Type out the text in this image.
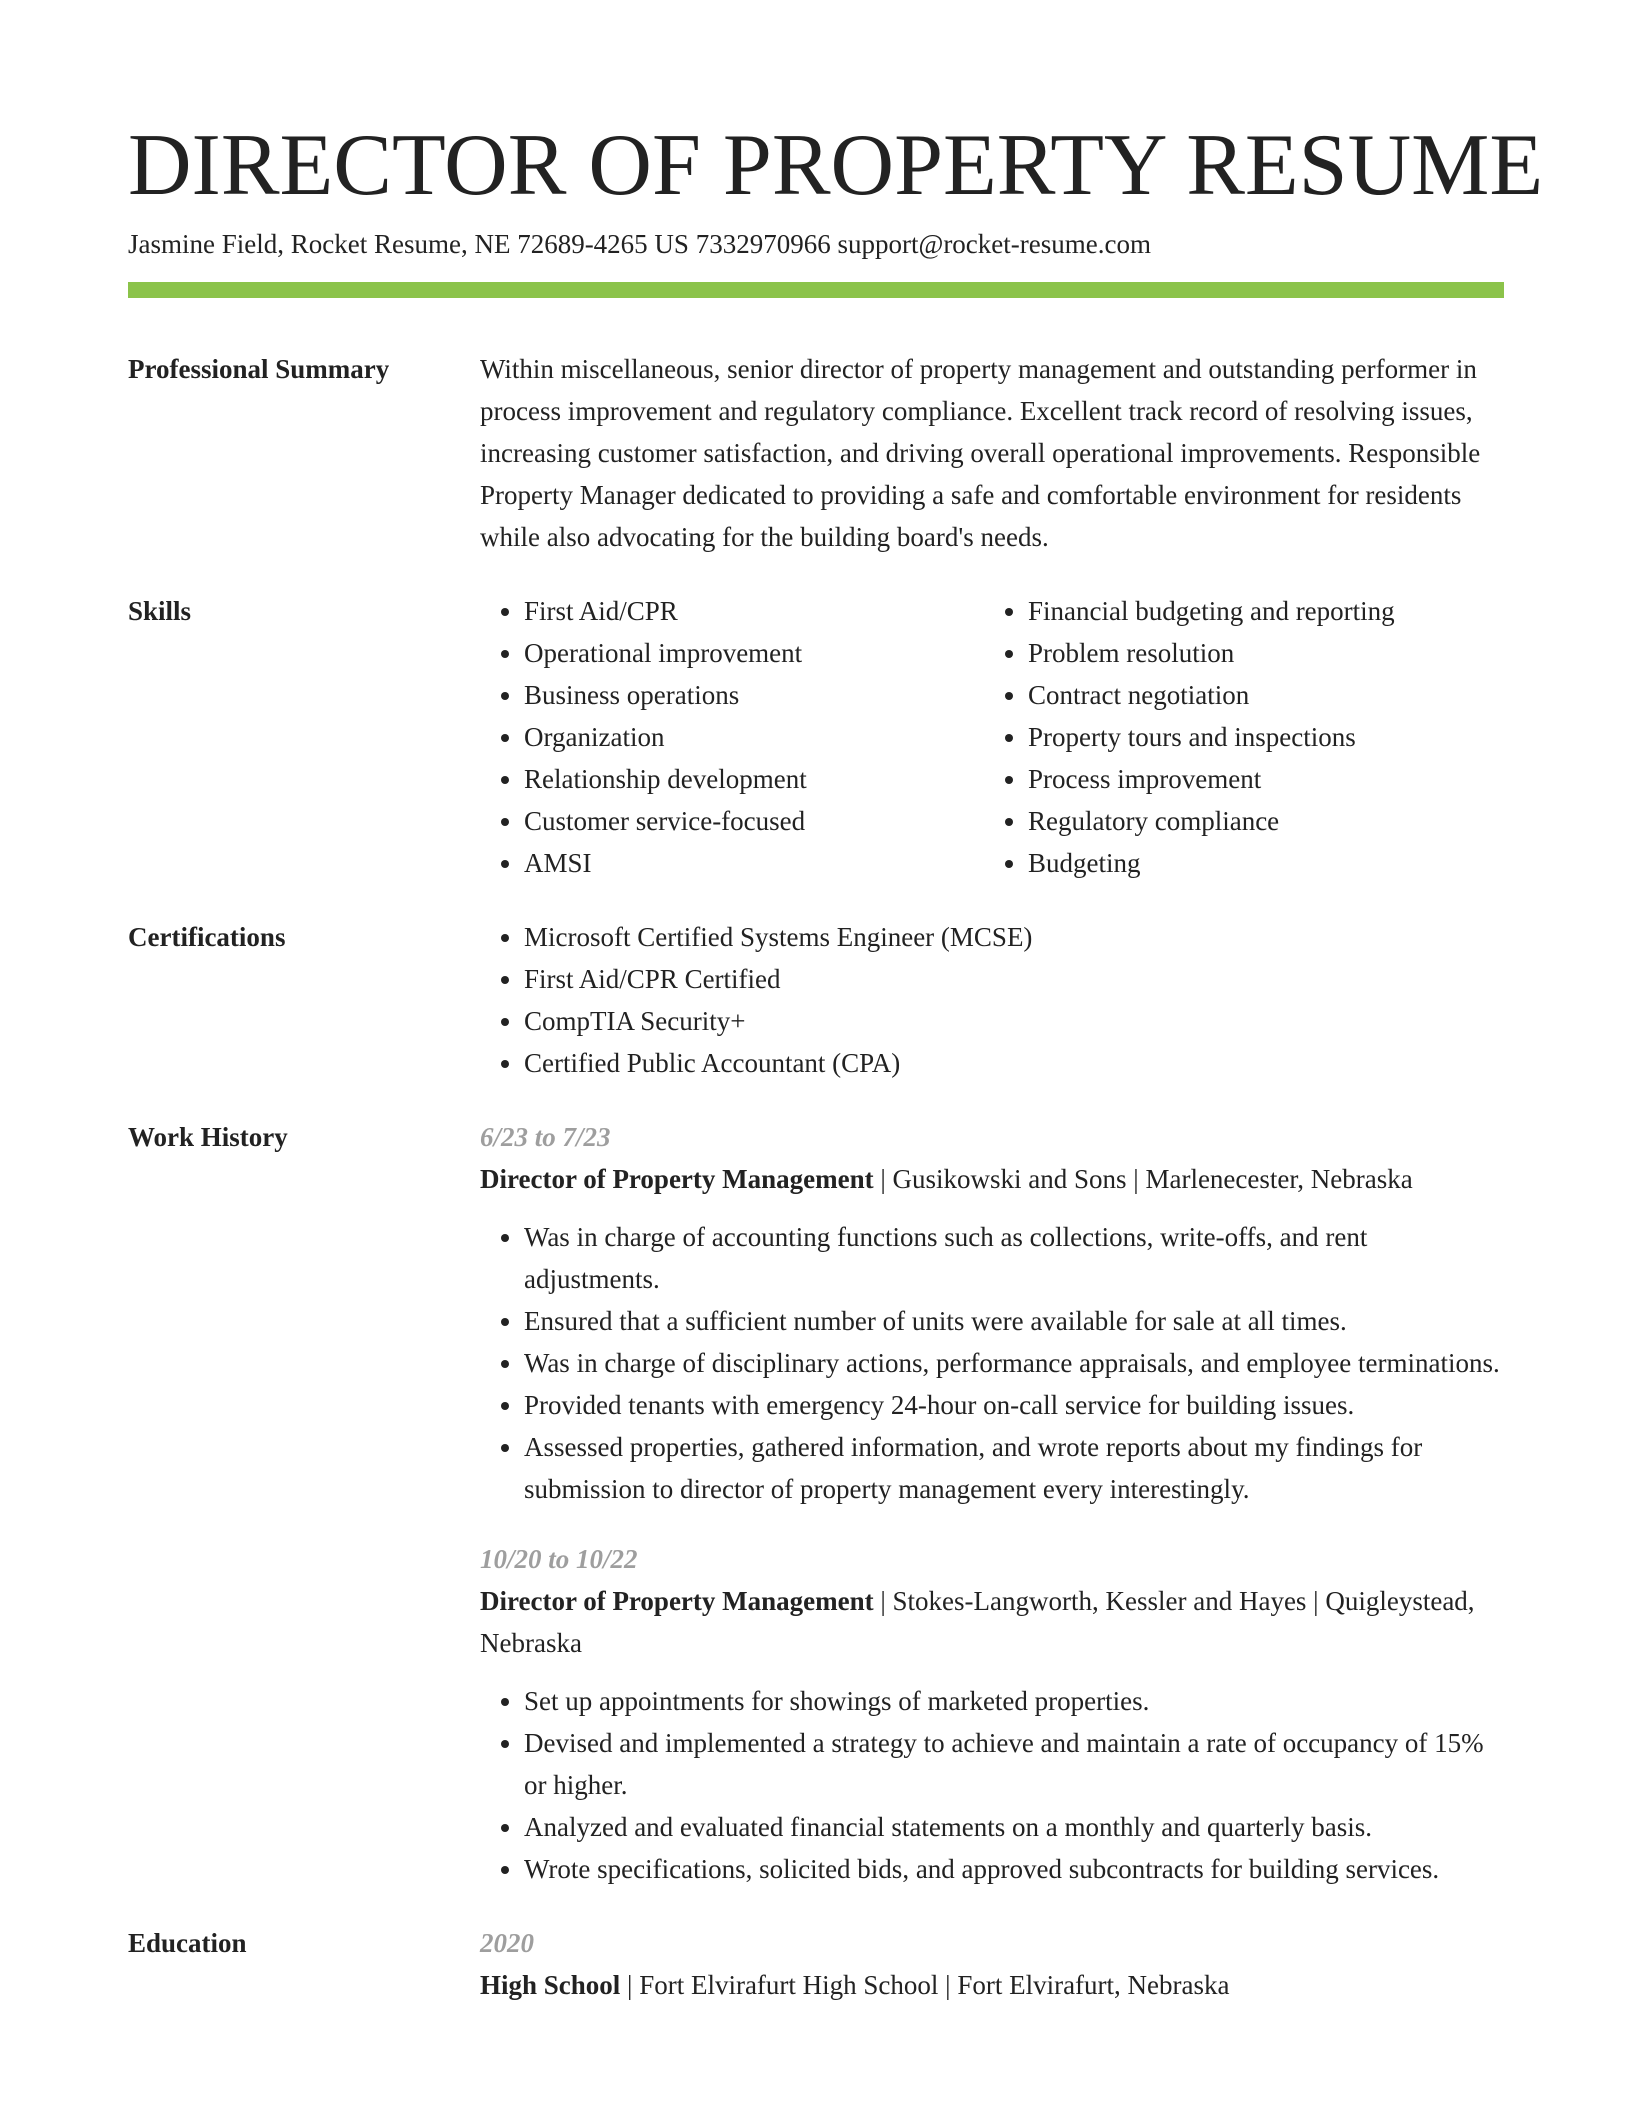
DIRECTOR OF PROPERTY RESUME
Jasmine Field, Rocket Resume, NE 72689-4265 US 7332970966 support@rocket-resume.com
Professional Summary	Within miscellaneous, senior director of property management and outstanding performer in process improvement and regulatory compliance. Excellent track record of resolving issues, increasing customer satisfaction, and driving overall operational improvements. Responsible Property Manager dedicated to providing a safe and comfortable environment for residents while also advocating for the building board's needs.
Skills	• First Aid/CPR
• Operational improvement
• Business operations
• Organization
• Relationship development
• Customer service-focused
• AMSI
• Financial budgeting and reporting
• Problem resolution
• Contract negotiation
• Property tours and inspections
• Process improvement
• Regulatory compliance
• Budgeting
Certifications	• Microsoft Certified Systems Engineer (MCSE)
• First Aid/CPR Certified
• CompTIA Security+
• Certified Public Accountant (CPA)
Work History	6/23 to 7/23
Director of Property Management | Gusikowski and Sons | Marlenecester, Nebraska
• Was in charge of accounting functions such as collections, write-offs, and rent adjustments.
• Ensured that a sufficient number of units were available for sale at all times.
• Was in charge of disciplinary actions, performance appraisals, and employee terminations.
• Provided tenants with emergency 24-hour on-call service for building issues.
• Assessed properties, gathered information, and wrote reports about my findings for submission to director of property management every interestingly.
10/20 to 10/22
Director of Property Management | Stokes-Langworth, Kessler and Hayes | Quigleystead, Nebraska
• Set up appointments for showings of marketed properties.
• Devised and implemented a strategy to achieve and maintain a rate of occupancy of 15% or higher.
• Analyzed and evaluated financial statements on a monthly and quarterly basis.
• Wrote specifications, solicited bids, and approved subcontracts for building services.
Education	2020
High School | Fort Elvirafurt High School | Fort Elvirafurt, Nebraska
